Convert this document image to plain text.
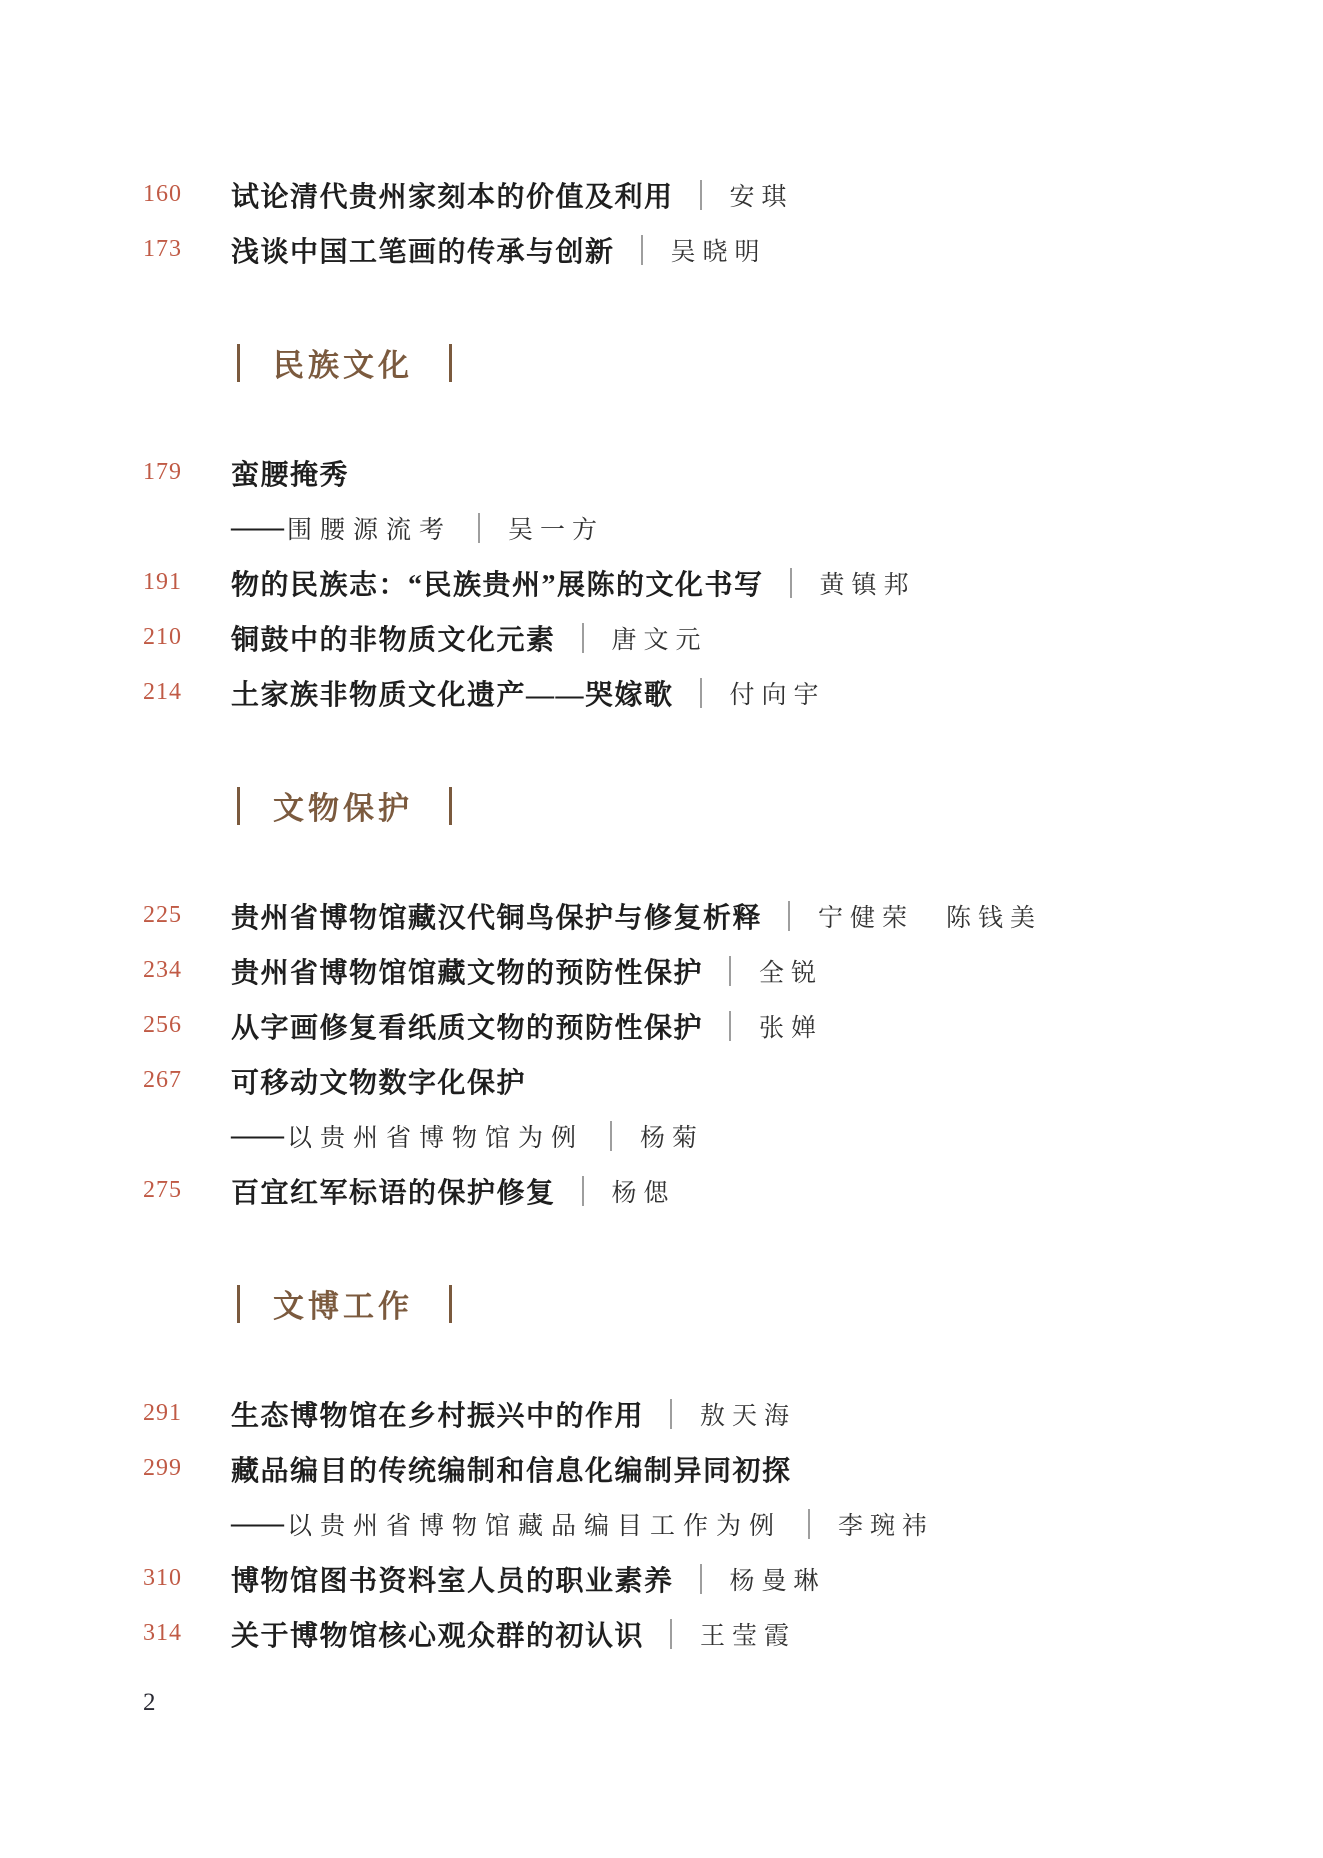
160	试论清代贵州家刻本的价值及利用 安琪
173	浅谈中国工笔画的传承与创新 吴晓明
民族文化
179	蛮腰掩秀
—— 围腰源流考 吴一方
191	物的民族志：“民族贵州”展陈的文化书写 黄镇邦
210	铜鼓中的非物质文化元素 唐文元
214	土家族非物质文化遗产——哭嫁歌 付向宇
文物保护
225	贵州省博物馆藏汉代铜鸟保护与修复析释 宁健荣　陈钱美
234	贵州省博物馆馆藏文物的预防性保护 全锐
256	从字画修复看纸质文物的预防性保护 张婵
267	可移动文物数字化保护
—— 以贵州省博物馆为例 杨菊
275	百宜红军标语的保护修复 杨偲
文博工作
291	生态博物馆在乡村振兴中的作用 敖天海
299	藏品编目的传统编制和信息化编制异同初探
—— 以贵州省博物馆藏品编目工作为例 李琬祎
310	博物馆图书资料室人员的职业素养 杨曼琳
314	关于博物馆核心观众群的初认识 王莹霞
2
